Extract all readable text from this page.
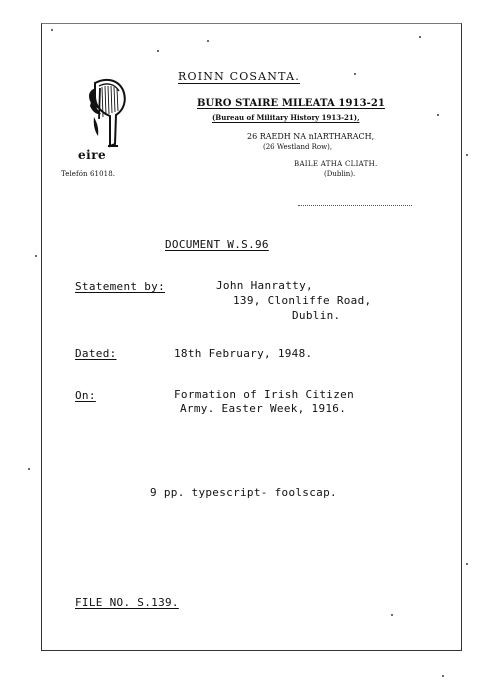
eire
Telefón 61018.
ROINN COSANTA.
BURO STAIRE MILEATA 1913-21
(Bureau of Military History 1913-21),
26 RAEDH NA nIARTHARACH,
(26 Westland Row),
BAILE ATHA CLIATH.
(Dublin).
DOCUMENT W.S.96
Statement by:	John Hanratty,
139, Clonliffe Road,
Dublin.
Dated:	18th February, 1948.
On:	Formation of Irish Citizen
Army. Easter Week, 1916.
9 pp. typescript- foolscap.
FILE NO. S.139.
